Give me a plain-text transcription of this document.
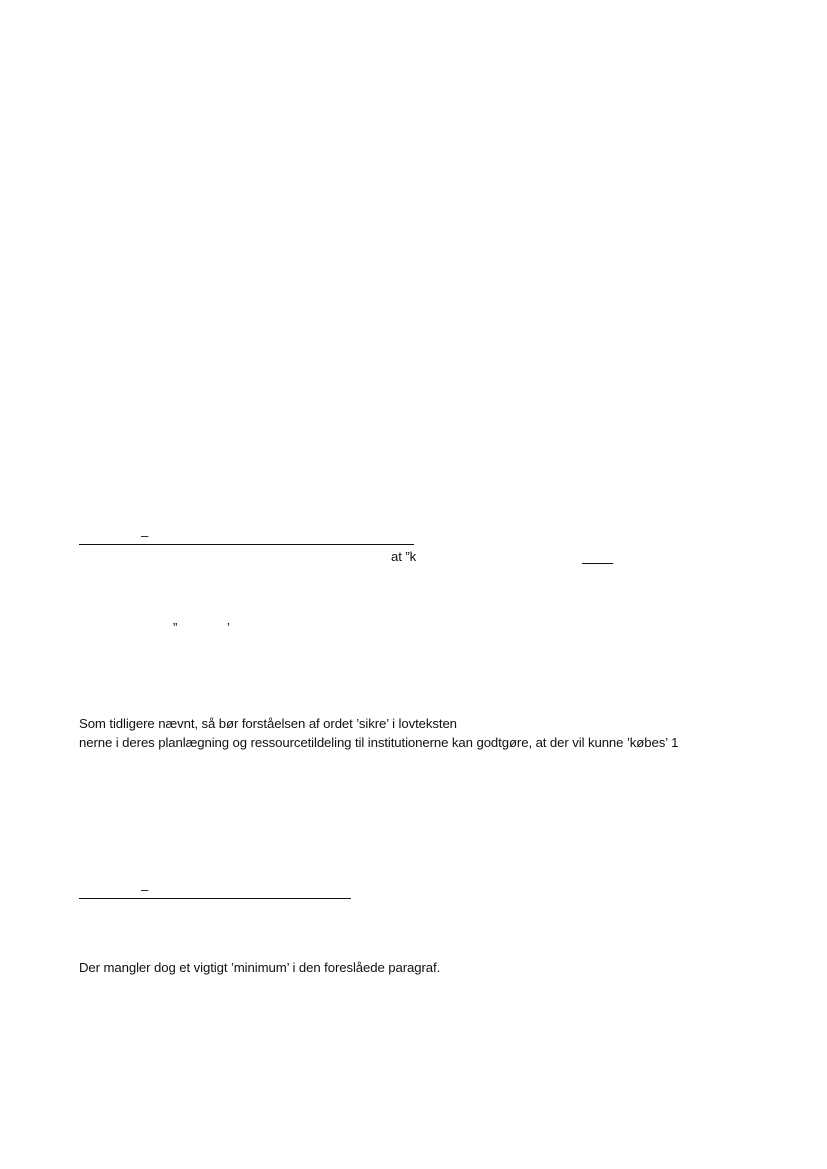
–
at ”k
”	’
Som tidligere nævnt, så bør forståelsen af ordet ’sikre’ i lovteksten
nerne i deres planlægning og ressourcetildeling til institutionerne kan godtgøre, at der vil kunne ’købes’ 1
–
Der mangler dog et vigtigt ’minimum’ i den foreslåede paragraf.
